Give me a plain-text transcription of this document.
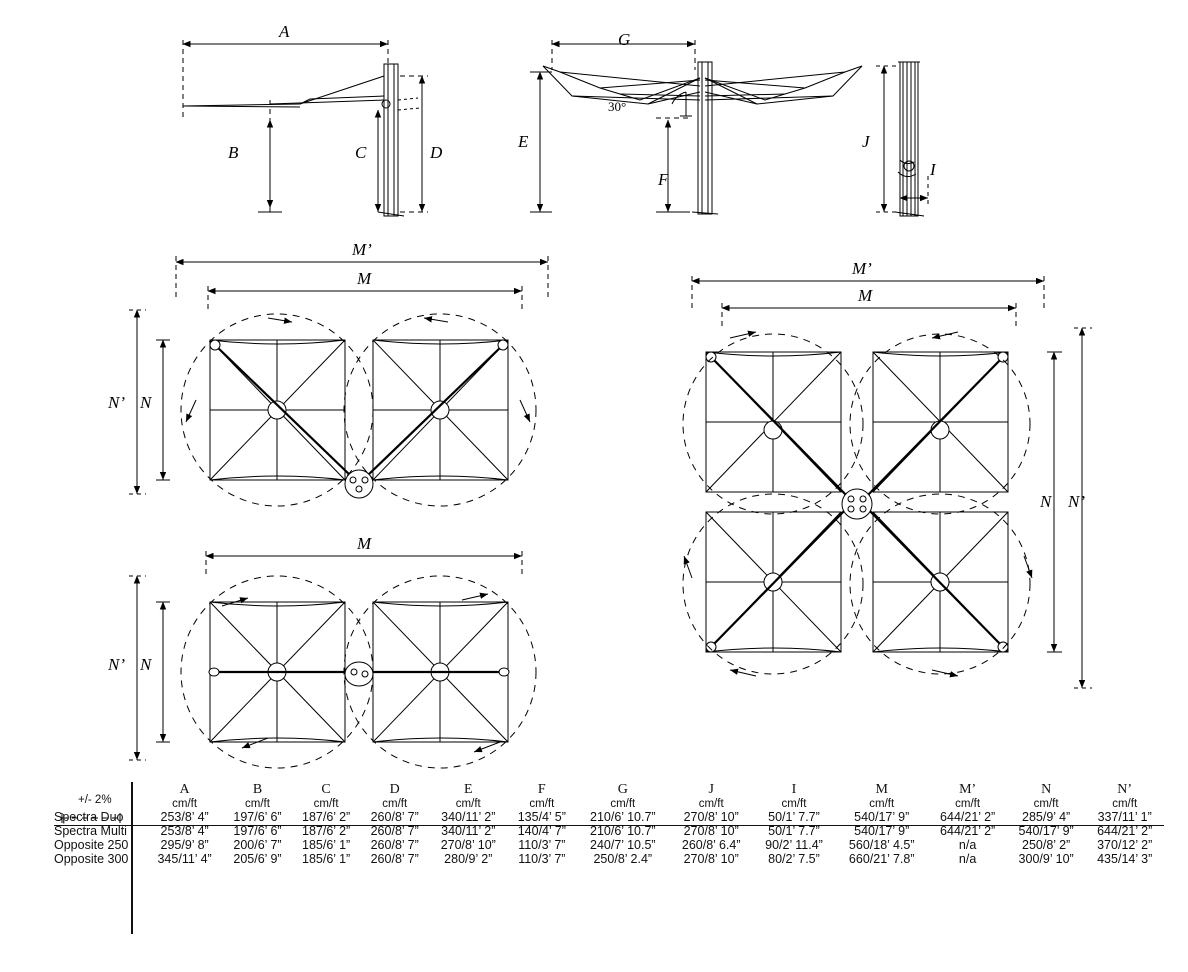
A
B	C	D
G
E
F
J
I
30°
M’
M
N’ N
M
N’ N
M’
M
N N’
+/- 2%
	A	B	C	D	E	F	G	J	I	M	M’	N	N’
	cm/ft	cm/ft	cm/ft	cm/ft	cm/ft	cm/ft	cm/ft	cm/ft	cm/ft	cm/ft	cm/ft	cm/ft	cm/ft
Spectra Duo	253/8’ 4”	197/6’ 6”	187/6’ 2”	260/8’ 7”	340/11’ 2”	135/4’ 5”	210/6’ 10.7”	270/8’ 10”	50/1’ 7.7”	540/17’ 9”	644/21’ 2”	285/9’ 4”	337/11’ 1”
Spectra Multi	253/8’ 4”	197/6’ 6”	187/6’ 2”	260/8’ 7”	340/11’ 2”	140/4’ 7”	210/6’ 10.7”	270/8’ 10”	50/1’ 7.7”	540/17’ 9”	644/21’ 2”	540/17’ 9”	644/21’ 2”
Opposite 250	295/9’ 8”	200/6’ 7”	185/6’ 1”	260/8’ 7”	270/8’ 10”	110/3’ 7”	240/7’ 10.5”	260/8’ 6.4”	90/2’ 11.4”	560/18’ 4.5”	n/a	250/8’ 2”	370/12’ 2”
Opposite 300	345/11’ 4”	205/6’ 9”	185/6’ 1”	260/8’ 7”	280/9’ 2”	110/3’ 7”	250/8’ 2.4”	270/8’ 10”	80/2’ 7.5”	660/21’ 7.8”	n/a	300/9’ 10”	435/14’ 3”
